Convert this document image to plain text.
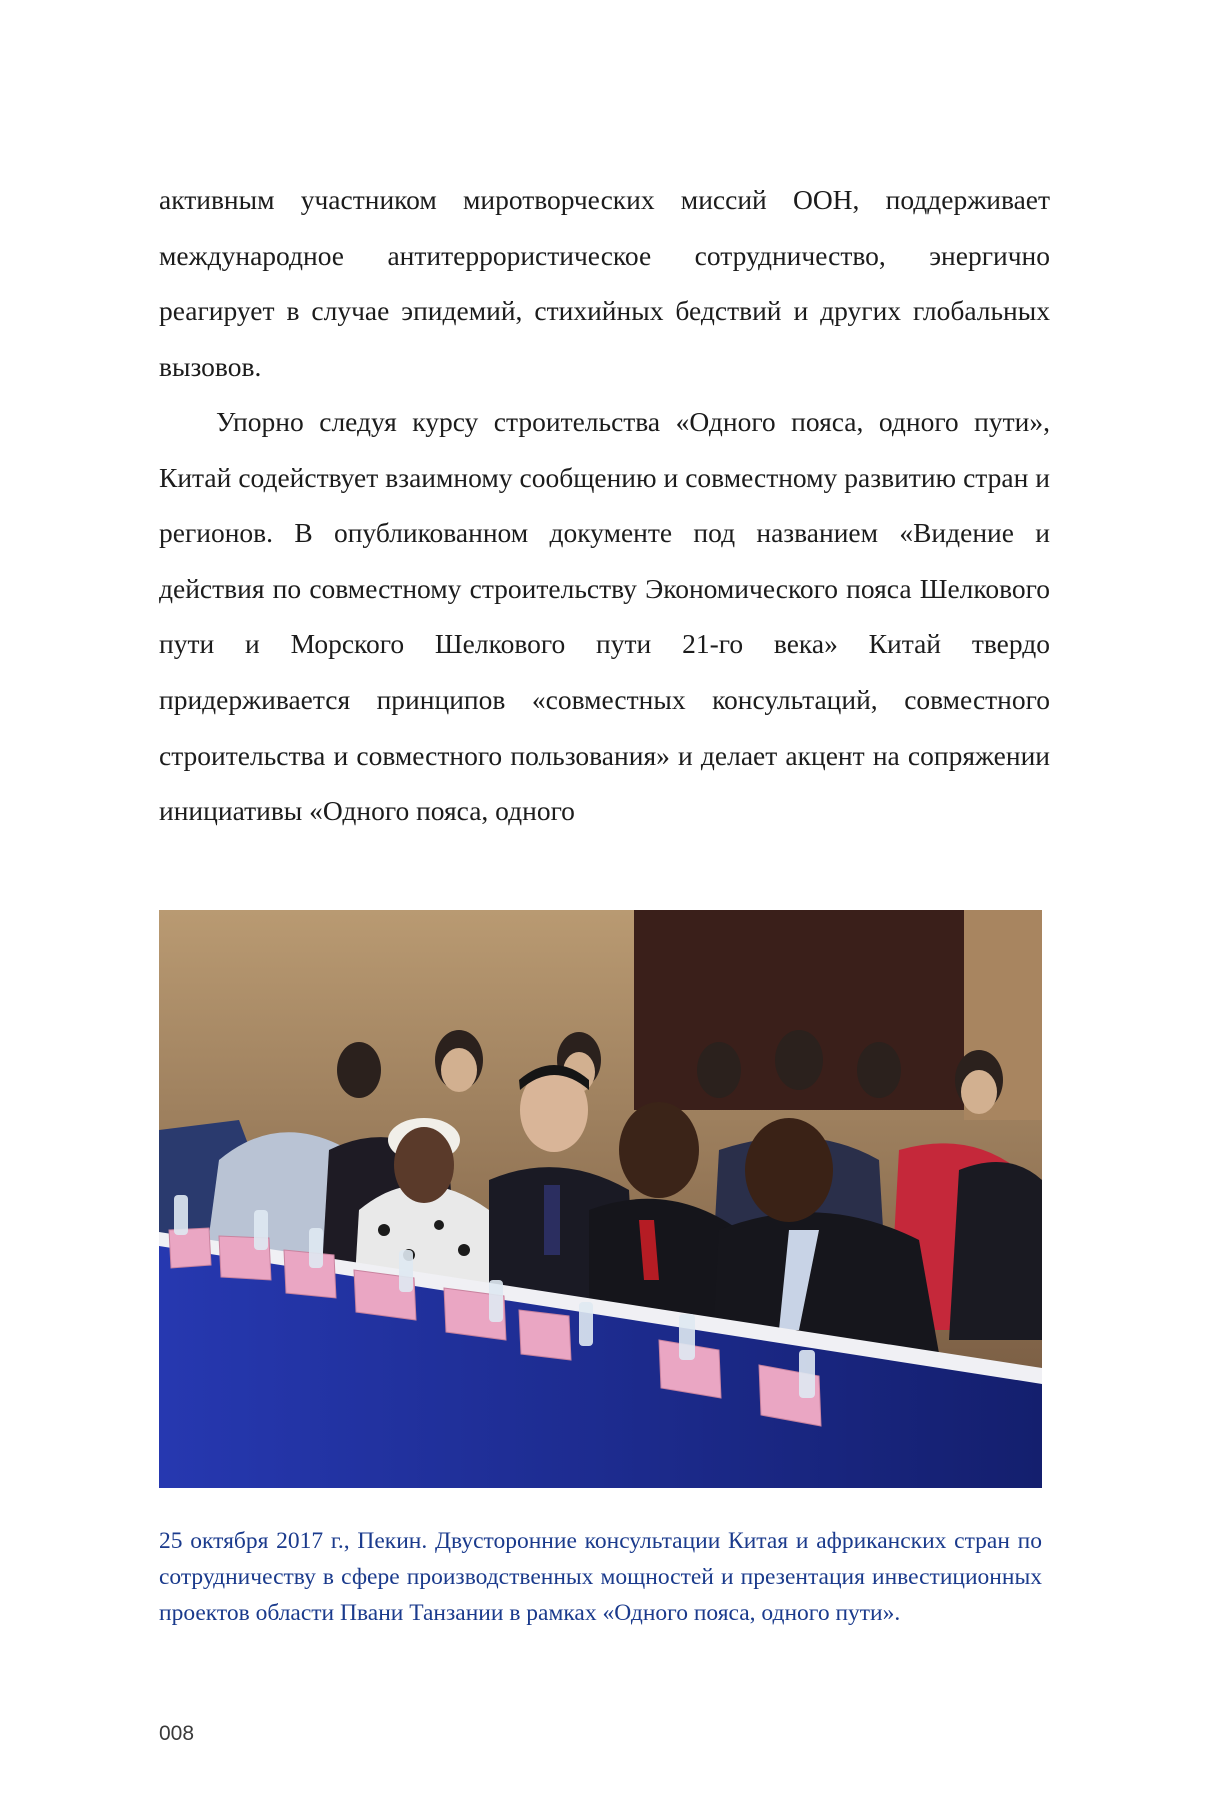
активным участником миротворческих миссий ООН, поддерживает международное антитеррористическое сотрудничество, энергично реагирует в случае эпидемий, стихийных бедствий и других глобальных вызовов.

Упорно следуя курсу строительства «Одного пояса, одного пути», Китай содействует взаимному сообщению и совместному развитию стран и регионов. В опубликованном документе под названием «Видение и действия по совместному строительству Экономического пояса Шелкового пути и Морского Шелкового пути 21-го века» Китай твердо придерживается принципов «совместных консультаций, совместного строительства и совместного пользования» и делает акцент на сопряжении инициативы «Одного пояса, одного

25 октября 2017 г., Пекин. Двусторонние консультации Китая и африканских стран по сотрудничеству в сфере производственных мощностей и презентация инвестиционных проектов области Пвани Танзании в рамках «Одного пояса, одного пути».

008
